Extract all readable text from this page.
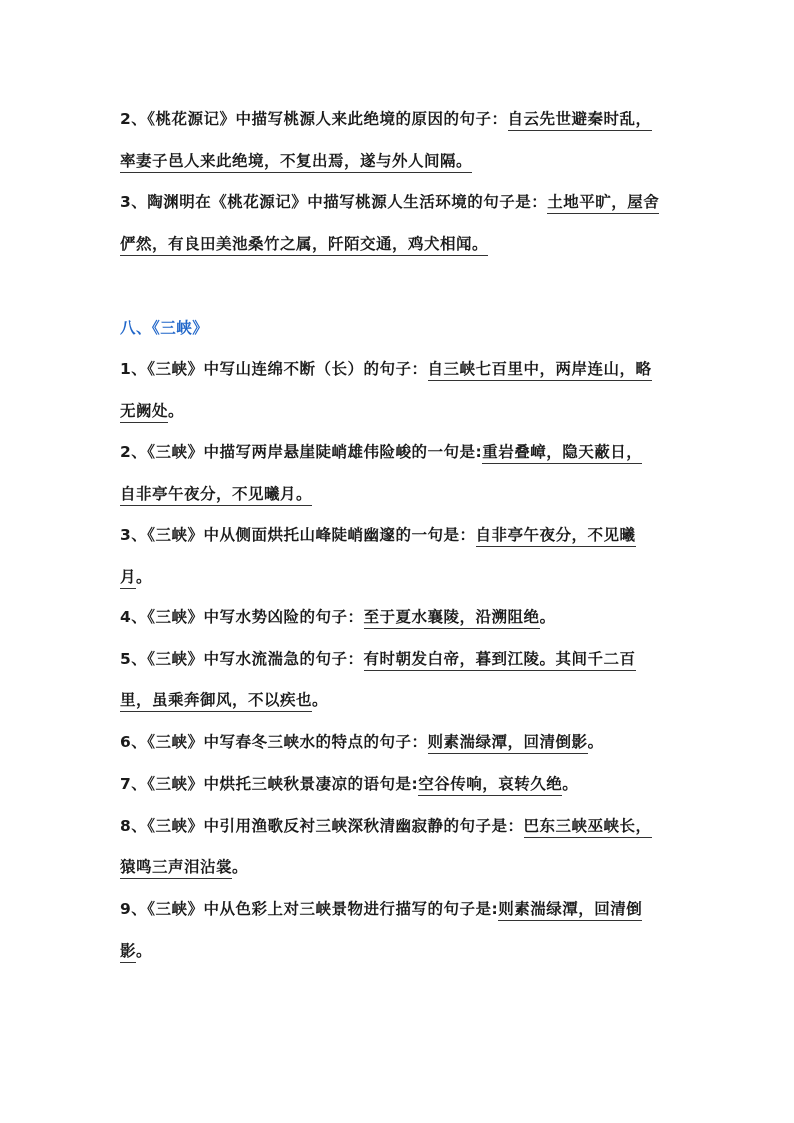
2、《桃花源记》中描写桃源人来此绝境的原因的句子：自云先世避秦时乱，
率妻子邑人来此绝境，不复出焉，遂与外人间隔。
3、陶渊明在《桃花源记》中描写桃源人生活环境的句子是：土地平旷，屋舍
俨然，有良田美池桑竹之属，阡陌交通，鸡犬相闻。
八、《三峡》
1、《三峡》中写山连绵不断（长）的句子：自三峡七百里中，两岸连山，略
无阙处。
2、《三峡》中描写两岸悬崖陡峭雄伟险峻的一句是:重岩叠嶂，隐天蔽日，
自非亭午夜分，不见曦月。
3、《三峡》中从侧面烘托山峰陡峭幽邃的一句是：自非亭午夜分，不见曦
月。
4、《三峡》中写水势凶险的句子：至于夏水襄陵，沿溯阻绝。
5、《三峡》中写水流湍急的句子：有时朝发白帝，暮到江陵。其间千二百
里，虽乘奔御风，不以疾也。
6、《三峡》中写春冬三峡水的特点的句子：则素湍绿潭，回清倒影。
7、《三峡》中烘托三峡秋景凄凉的语句是:空谷传响，哀转久绝。
8、《三峡》中引用渔歌反衬三峡深秋清幽寂静的句子是：巴东三峡巫峡长，
猿鸣三声泪沾裳。
9、《三峡》中从色彩上对三峡景物进行描写的句子是:则素湍绿潭，回清倒
影。
